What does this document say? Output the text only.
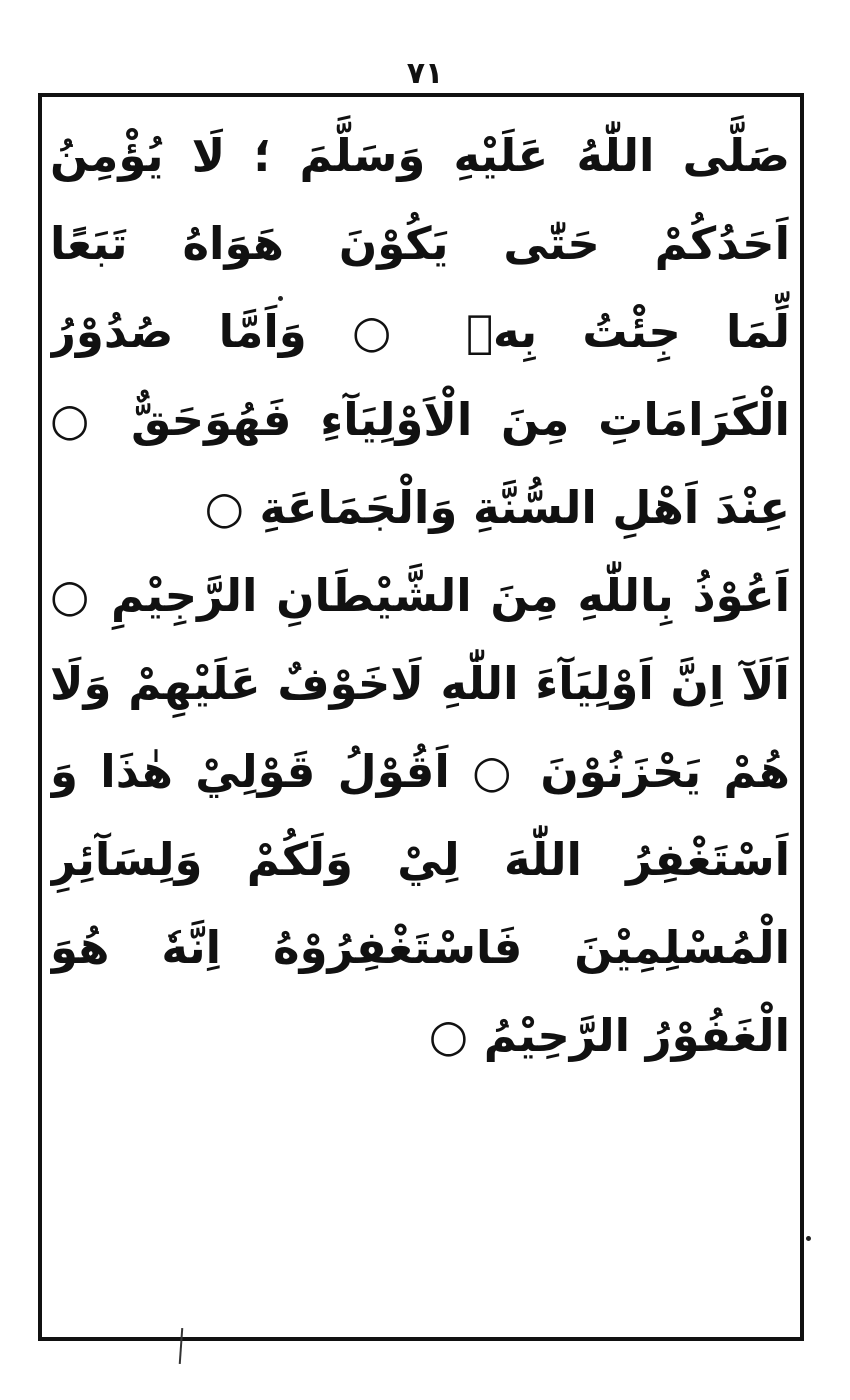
٧١
صَلَّى اللّٰهُ عَلَيْهِ وَسَلَّمَ ؛ لَا يُؤْمِنُ
اَحَدُكُمْ حَتّٰى يَكُوْنَ هَوَاهُ تَبَعًا
لِّمَا جِئْتُ بِهٖ ○ وَاَمَّا صُدُوْرُ
الْكَرَامَاتِ مِنَ الْاَوْلِيَآءِ فَهُوَحَقٌّ ○
عِنْدَ اَهْلِ السُّنَّةِ وَالْجَمَاعَةِ ○
اَعُوْذُ بِاللّٰهِ مِنَ الشَّيْطَانِ الرَّجِيْمِ ○
اَلَآ اِنَّ اَوْلِيَآءَ اللّٰهِ لَاخَوْفٌ عَلَيْهِمْ وَلَا
هُمْ يَحْزَنُوْنَ ○ اَقُوْلُ قَوْلِيْ هٰذَا وَ
اَسْتَغْفِرُ اللّٰهَ لِيْ وَلَكُمْ وَلِسَآئِرِ
الْمُسْلِمِيْنَ فَاسْتَغْفِرُوْهُ اِنَّهٗ هُوَ
الْغَفُوْرُ الرَّحِيْمُ ○
